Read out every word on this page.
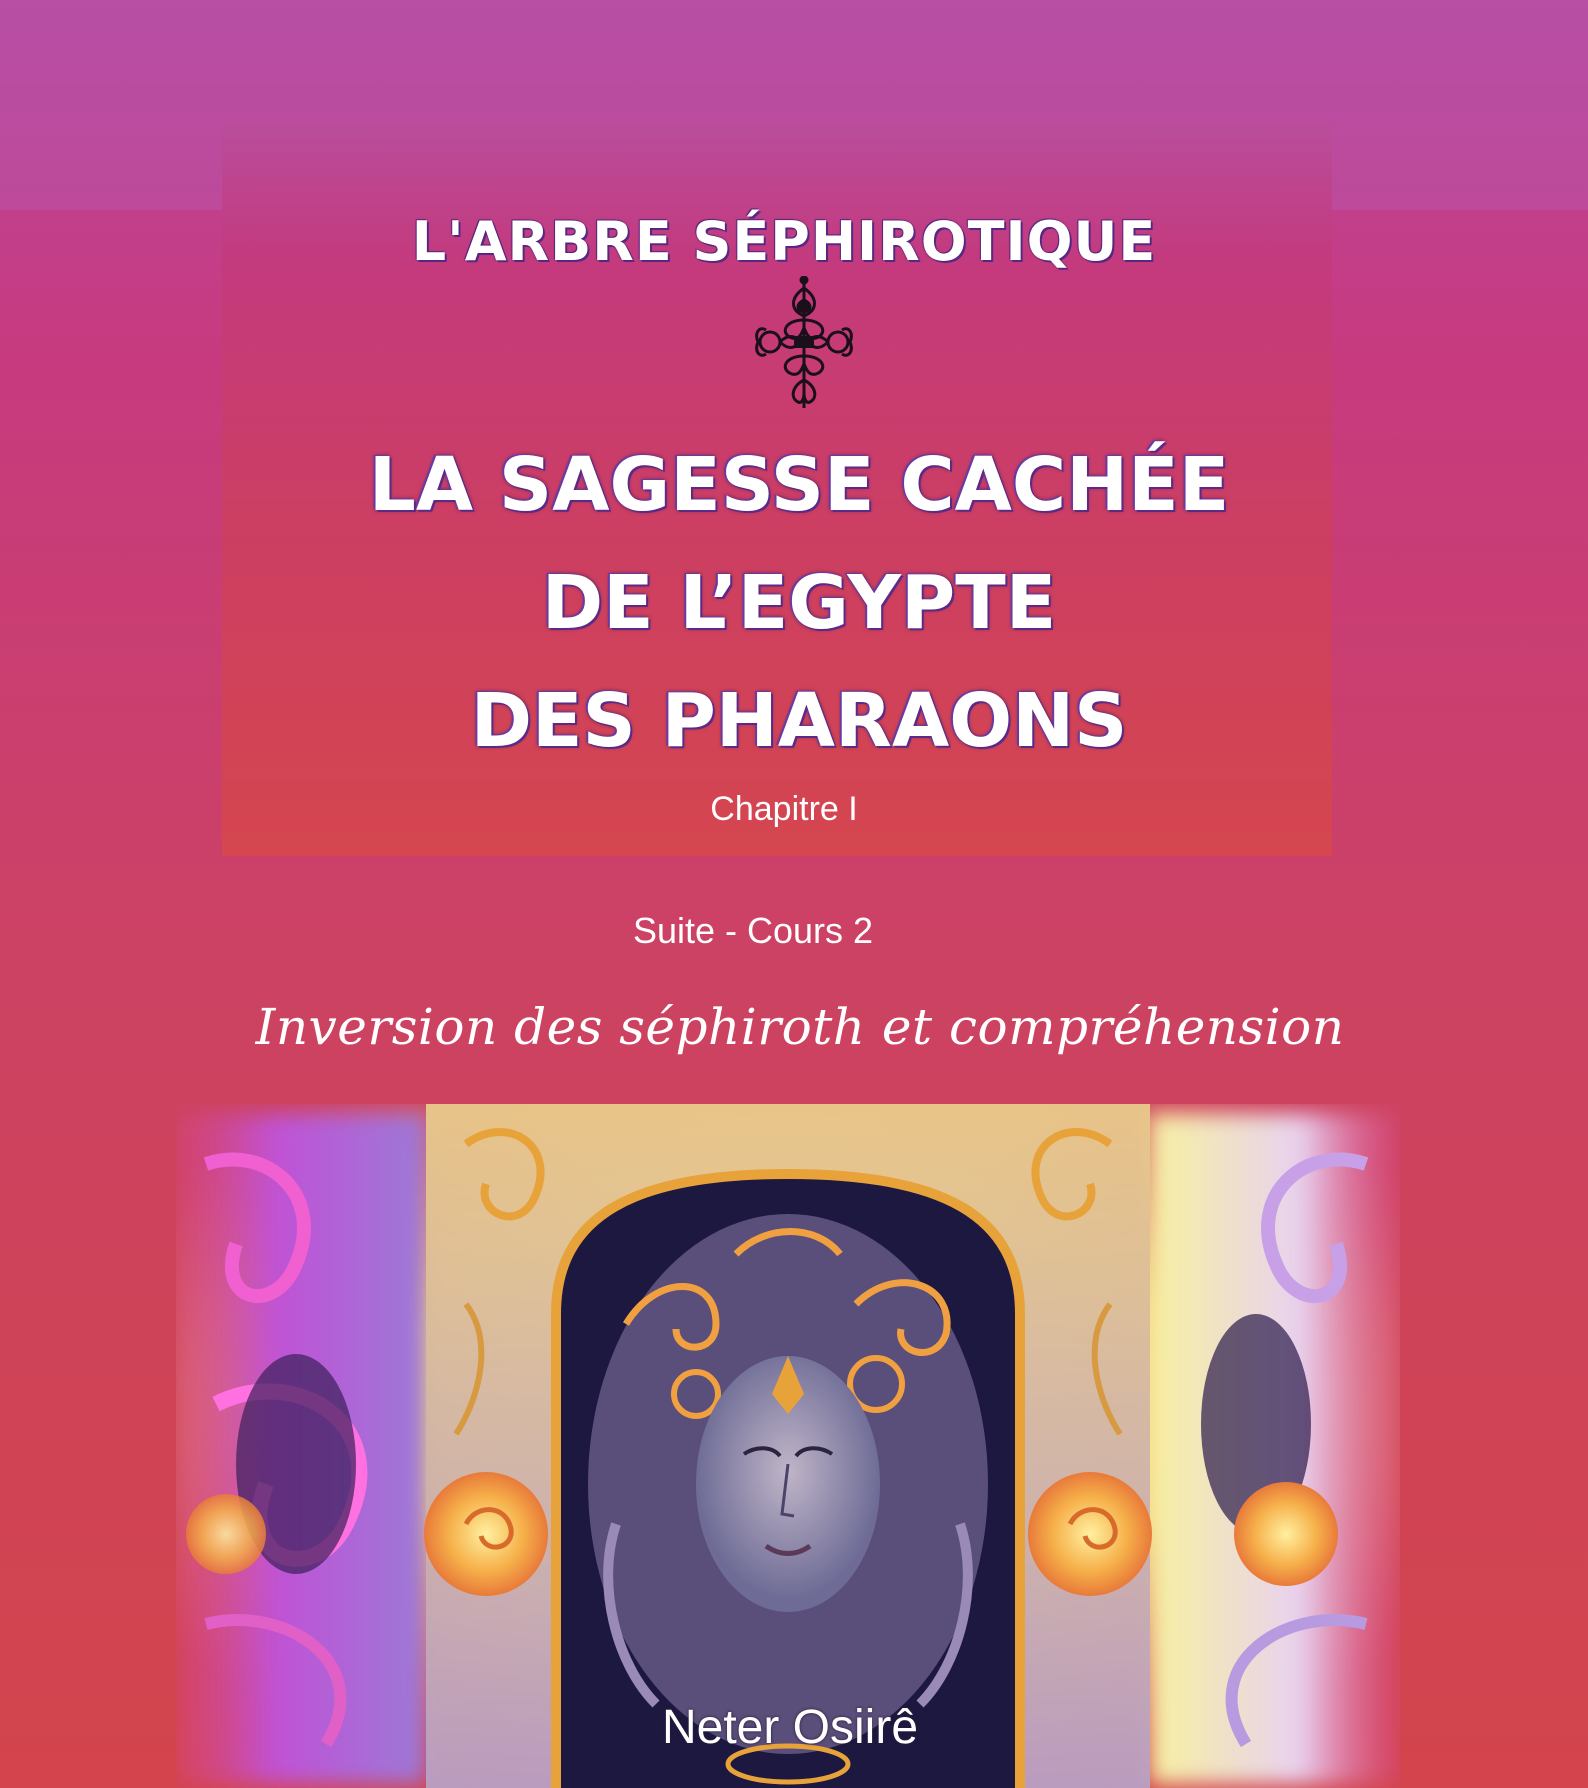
L'ARBRE SÉPHIROTIQUE
LA SAGESSE CACHÉE
DE L’EGYPTE
DES PHARAONS
Chapitre I
Suite - Cours 2
Inversion des séphiroth et compréhension
Neter Osiirê
